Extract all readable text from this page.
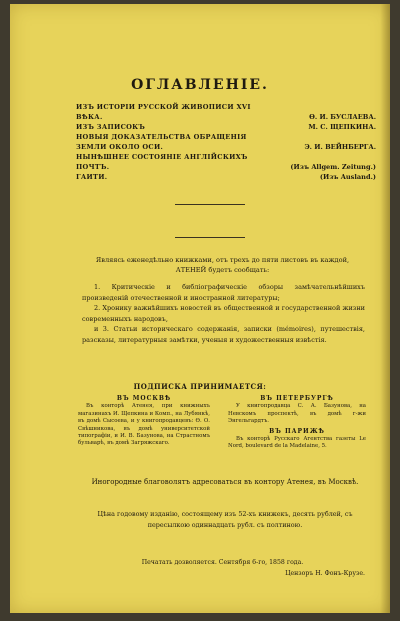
ОГЛАВЛЕНІЕ.
ИЗЪ ИСТОРІИ РУССКОЙ ЖИВОПИСИ XVI
ВѢКА.	Ѳ. И. БУСЛАЕВА.
ИЗЪ ЗАПИСОКЪ	М. С. ЩЕПКИНА.
НОВЫЯ ДОКАЗАТЕЛЬСТВА ОБРАЩЕНІЯ
ЗЕМЛИ ОКОЛО ОСИ.	Э. И. ВЕЙНБЕРГА.
НЫНѢШНЕЕ СОСТОЯНІЕ АНГЛІЙСКИХЪ
ПОЧТЪ.	(Изъ Allgem. Zeitung.)
ГАИТИ.	(Изъ Ausland.)
Являясь еженедѣльно книжками, отъ трехъ до пяти листовъ въ каждой, АТЕНЕЙ будетъ сообщать:

1. Критическіе и библіографическіе обзоры замѣчательнѣйшихъ произведеній отечественной и иностранной литературы;

2. Хронику важнѣйшихъ новостей въ общественной и государственной жизни современныхъ народовъ,

и 3. Статьи историческаго содержанія, записки (mémoires), путешествія, разсказы, литературныя замѣтки, ученыя и художественныя извѣстія.

ПОДПИСКА ПРИНИМАЕТСЯ:
ВЪ МОСКВѢ

Въ конторѣ Атенея, при книжныхъ магазинахъ И. Щепкина и Комп., на Лубянкѣ, въ домѣ Сысоева, и у книгопродавцевъ: Ѳ. О. Свѣшникова, въ домѣ университетской типографіи, и И. В. Базунова, на Страстномъ бульварѣ, въ домѣ Загряжскаго.

ВЪ ПЕТЕРБУРГѢ

У книгопродавца С. А. Базунова, на Невскомъ проспектѣ, въ домѣ г-жи Энгельгардтъ.

ВЪ ПАРИЖѢ

Въ конторѣ Русскаго Агентства газеты Le Nord, boulevard de la Madelaine, 5.

Иногородные благоволятъ адресоваться въ контору Атенея, въ Москвѣ.
Цѣна годовому изданію, состоящему изъ 52-хъ книжекъ, десять рублей, съ пересылкою одиннадцать рубл. съ полтиною.
Печатать дозволяется. Сентября 6-го, 1858 года.
Цензоръ Н. Фонъ-Крузе.
